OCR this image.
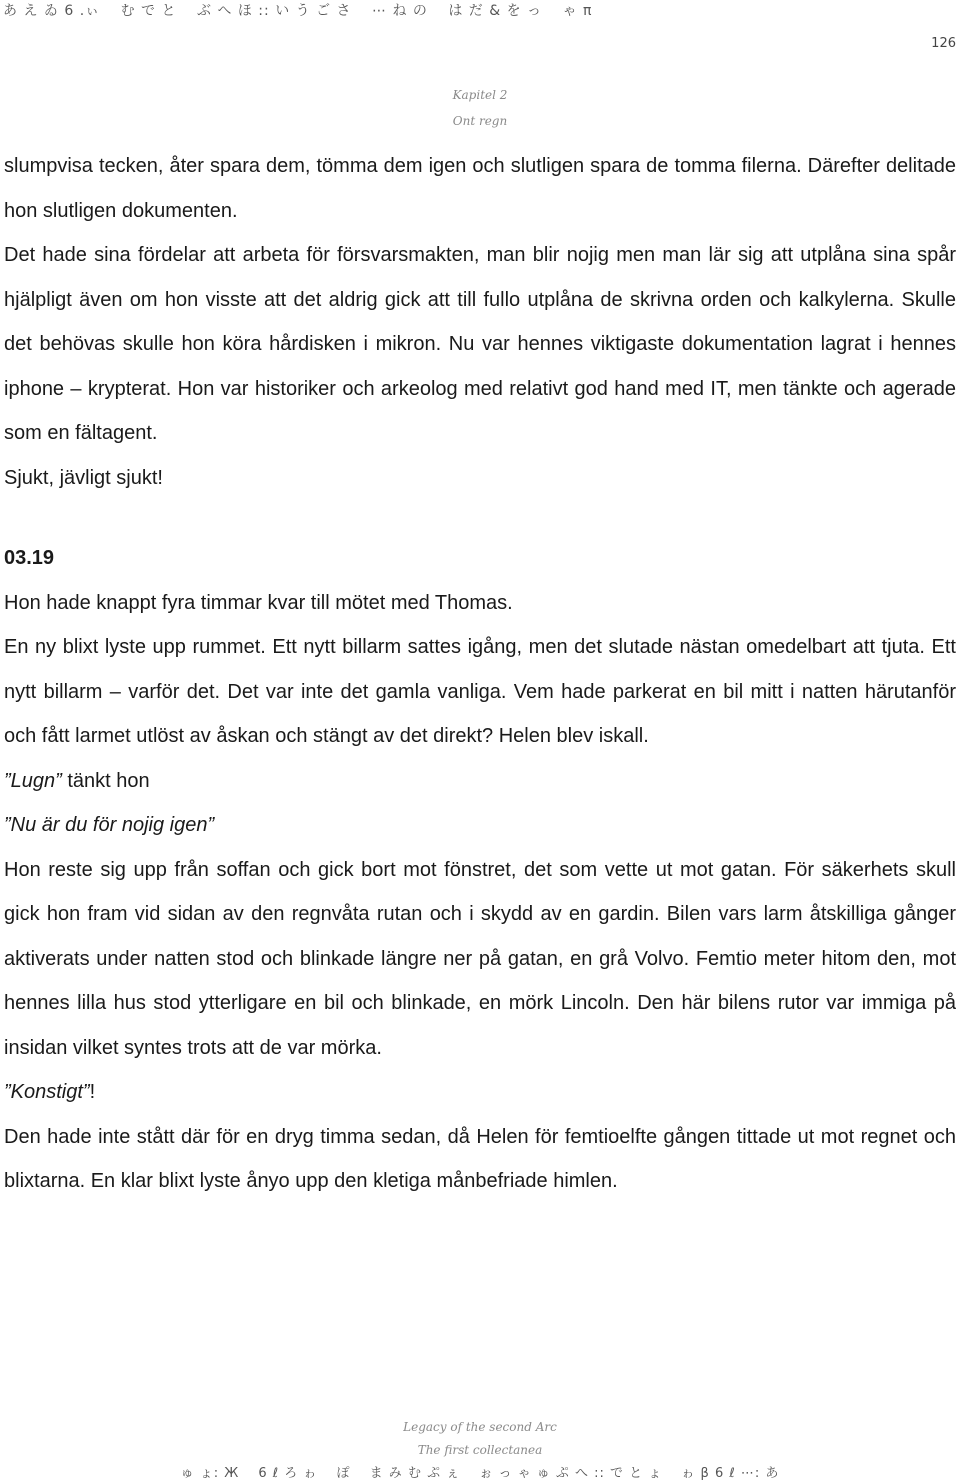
あ え ゐ 6 .ぃ　 む で と　 ぶ へ ほ :: い う ご さ　 ⋯ ね の　 は だ & を っ　 ゃ π
126
Kapitel 2
Ont regn

slumpvisa tecken, åter spara dem, tömma dem igen och slutligen spara de tomma filerna. Därefter delitade hon slutligen dokumenten.

Det hade sina fördelar att arbeta för försvarsmakten, man blir nojig men man lär sig att utplåna sina spår hjälpligt även om hon visste att det aldrig gick att till fullo utplåna de skrivna orden och kalkylerna. Skulle det behövas skulle hon köra hårdisken i mikron. Nu var hennes viktigaste dokumentation lagrat i hennes iphone – krypterat. Hon var historiker och arkeolog med relativt god hand med IT, men tänkte och agerade som en fältagent.

Sjukt, jävligt sjukt!

03.19

Hon hade knappt fyra timmar kvar till mötet med Thomas.

En ny blixt lyste upp rummet. Ett nytt billarm sattes igång, men det slutade nästan omedelbart att tjuta. Ett nytt billarm – varför det. Det var inte det gamla vanliga. Vem hade parkerat en bil mitt i natten härutanför och fått larmet utlöst av åskan och stängt av det direkt? Helen blev iskall.

”Lugn” tänkt hon

”Nu är du för nojig igen”

Hon reste sig upp från soffan och gick bort mot fönstret, det som vette ut mot gatan. För säkerhets skull gick hon fram vid sidan av den regnvåta rutan och i skydd av en gardin. Bilen vars larm åtskilliga gånger aktiverats under natten stod och blinkade längre ner på gatan, en grå Volvo. Femtio meter hitom den, mot hennes lilla hus stod ytterligare en bil och blinkade, en mörk Lincoln. Den här bilens rutor var immiga på insidan vilket syntes trots att de var mörka.

”Konstigt”!

Den hade inte stått där för en dryg timma sedan, då Helen för femtioelfte gången tittade ut mot regnet och blixtarna. En klar blixt lyste ånyo upp den kletiga månbefriade himlen.

Legacy of the second Arc
The first collectanea
ゅ ょ: Ж　 6 ℓ ろ ゎ　 ぽ　 ま み む ぷ ぇ　 ぉ っ ゃ ゅ ぷ へ :: で と ょ　 ゎ β 6 ℓ ⋯: あ
